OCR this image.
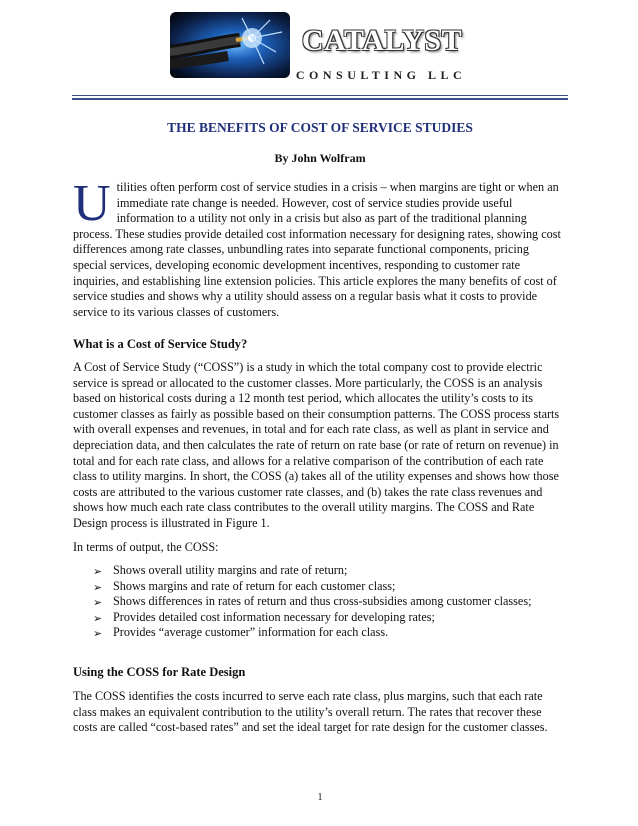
CATALYST
CONSULTING LLC
THE BENEFITS OF COST OF SERVICE STUDIES
By John Wolfram
U tilities often perform cost of service studies in a crisis – when margins are tight or when an immediate rate change is needed. However, cost of service studies provide useful information to a utility not only in a crisis but also as part of the traditional planning process. These studies provide detailed cost information necessary for designing rates, showing cost differences among rate classes, unbundling rates into separate functional components, pricing special services, developing economic development incentives, responding to customer rate inquiries, and establishing line extension policies. This article explores the many benefits of cost of service studies and shows why a utility should assess on a regular basis what it costs to provide service to its various classes of customers.
What is a Cost of Service Study?

A Cost of Service Study (“COSS”) is a study in which the total company cost to provide electric service is spread or allocated to the customer classes. More particularly, the COSS is an analysis based on historical costs during a 12 month test period, which allocates the utility’s costs to its customer classes as fairly as possible based on their consumption patterns. The COSS process starts with overall expenses and revenues, in total and for each rate class, as well as plant in service and depreciation data, and then calculates the rate of return on rate base (or rate of return on revenue) in total and for each rate class, and allows for a relative comparison of the contribution of each rate class to utility margins. In short, the COSS (a) takes all of the utility expenses and shows how those costs are attributed to the various customer rate classes, and (b) takes the rate class revenues and shows how much each rate class contributes to the overall utility margins. The COSS and Rate Design process is illustrated in Figure 1.

In terms of output, the COSS:

➢ Shows overall utility margins and rate of return;
➢ Shows margins and rate of return for each customer class;
➢ Shows differences in rates of return and thus cross-subsidies among customer classes;
➢ Provides detailed cost information necessary for developing rates;
➢ Provides “average customer” information for each class.
Using the COSS for Rate Design

The COSS identifies the costs incurred to serve each rate class, plus margins, such that each rate class makes an equivalent contribution to the utility’s overall return. The rates that recover these costs are called “cost-based rates” and set the ideal target for rate design for the customer classes.

1
